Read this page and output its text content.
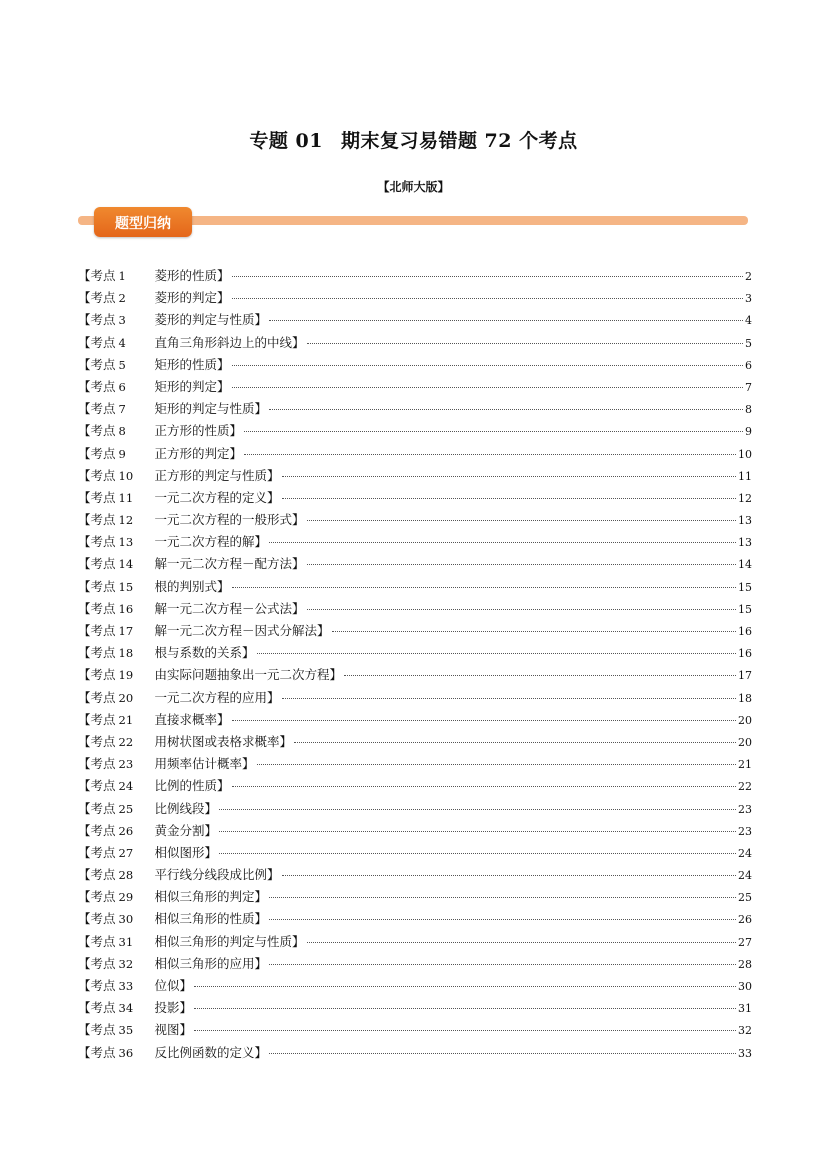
专题 01 期末复习易错题 72 个考点
【北师大版】
题型归纳
【 考点 1	菱形的性质 】	2
【 考点 2	菱形的判定 】	3
【 考点 3	菱形的判定与性质 】	4
【 考点 4	直角三角形斜边上的中线 】	5
【 考点 5	矩形的性质 】	6
【 考点 6	矩形的判定 】	7
【 考点 7	矩形的判定与性质 】	8
【 考点 8	正方形的性质 】	9
【 考点 9	正方形的判定 】	10
【 考点 10	正方形的判定与性质 】	11
【 考点 11	一元二次方程的定义 】	12
【 考点 12	一元二次方程的一般形式 】	13
【 考点 13	一元二次方程的解 】	13
【 考点 14	解一元二次方程－配方法 】	14
【 考点 15	根的判别式 】	15
【 考点 16	解一元二次方程－公式法 】	15
【 考点 17	解一元二次方程－因式分解法 】	16
【 考点 18	根与系数的关系 】	16
【 考点 19	由实际问题抽象出一元二次方程 】	17
【 考点 20	一元二次方程的应用 】	18
【 考点 21	直接求概率 】	20
【 考点 22	用树状图或表格求概率 】	20
【 考点 23	用频率估计概率 】	21
【 考点 24	比例的性质 】	22
【 考点 25	比例线段 】	23
【 考点 26	黄金分割 】	23
【 考点 27	相似图形 】	24
【 考点 28	平行线分线段成比例 】	24
【 考点 29	相似三角形的判定 】	25
【 考点 30	相似三角形的性质 】	26
【 考点 31	相似三角形的判定与性质 】	27
【 考点 32	相似三角形的应用 】	28
【 考点 33	位似 】	30
【 考点 34	投影 】	31
【 考点 35	视图 】	32
【 考点 36	反比例函数的定义 】	33
